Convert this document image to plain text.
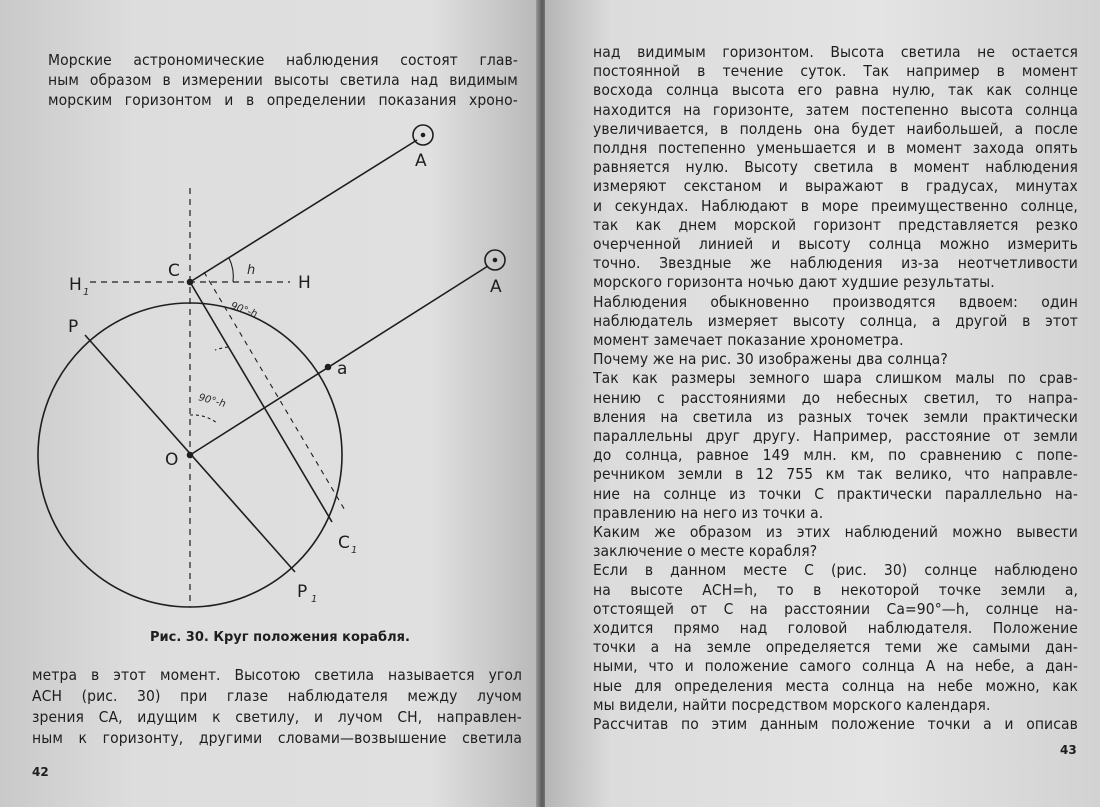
Морские астрономические наблюдения состоят глав-
ным образом в измерении высоты светила над видимым
морским горизонтом и в определении показания хроно-
A
A
C
H
H 1
P
O
a
C 1
P 1
h
90°-h
90°-h
Рис. 30. Круг положения корабля.
метра в этот момент. Высотою светила называется угол
АCH (рис. 30) при глазе наблюдателя между лучом
зрения СА, идущим к светилу, и лучом CH, направлен-
ным к горизонту, другими словами—возвышение светила
42
над видимым горизонтом. Высота светила не остается
постоянной в течение суток. Так например в момент
восхода солнца высота его равна нулю, так как солнце
находится на горизонте, затем постепенно высота солнца
увеличивается, в полдень она будет наибольшей, а после
полдня постепенно уменьшается и в момент захода опять
равняется нулю. Высоту светила в момент наблюдения
измеряют секстаном и выражают в градусах, минутах
и секундах. Наблюдают в море преимущественно солнце,
так как днем морской горизонт представляется резко
очерченной линией и высоту солнца можно измерить
точно. Звездные же наблюдения из-за неотчетливости
морского горизонта ночью дают худшие результаты.
Наблюдения обыкновенно производятся вдвоем: один
наблюдатель измеряет высоту солнца, а другой в этот
момент замечает показание хронометра.
Почему же на рис. 30 изображены два солнца?
Так как размеры земного шара слишком малы по срав-
нению с расстояниями до небесных светил, то напра-
вления на светила из разных точек земли практически
параллельны друг другу. Например, расстояние от земли
до солнца, равное 149 млн. км, по сравнению с попе-
речником земли в 12 755 км так велико, что направле-
ние на солнце из точки С практически параллельно на-
правлению на него из точки а.
Каким же образом из этих наблюдений можно вывести
заключение о месте корабля?
Если в данном месте С (рис. 30) солнце наблюдено
на высоте АСН=h, то в некоторой точке земли а,
отстоящей от С на расстоянии Са=90°—h, солнце на-
ходится прямо над головой наблюдателя. Положение
точки а на земле определяется теми же самыми дан-
ными, что и положение самого солнца А на небе, а дан-
ные для определения места солнца на небе можно, как
мы видели, найти посредством морского календаря.
Рассчитав по этим данным положение точки а и описав
43
